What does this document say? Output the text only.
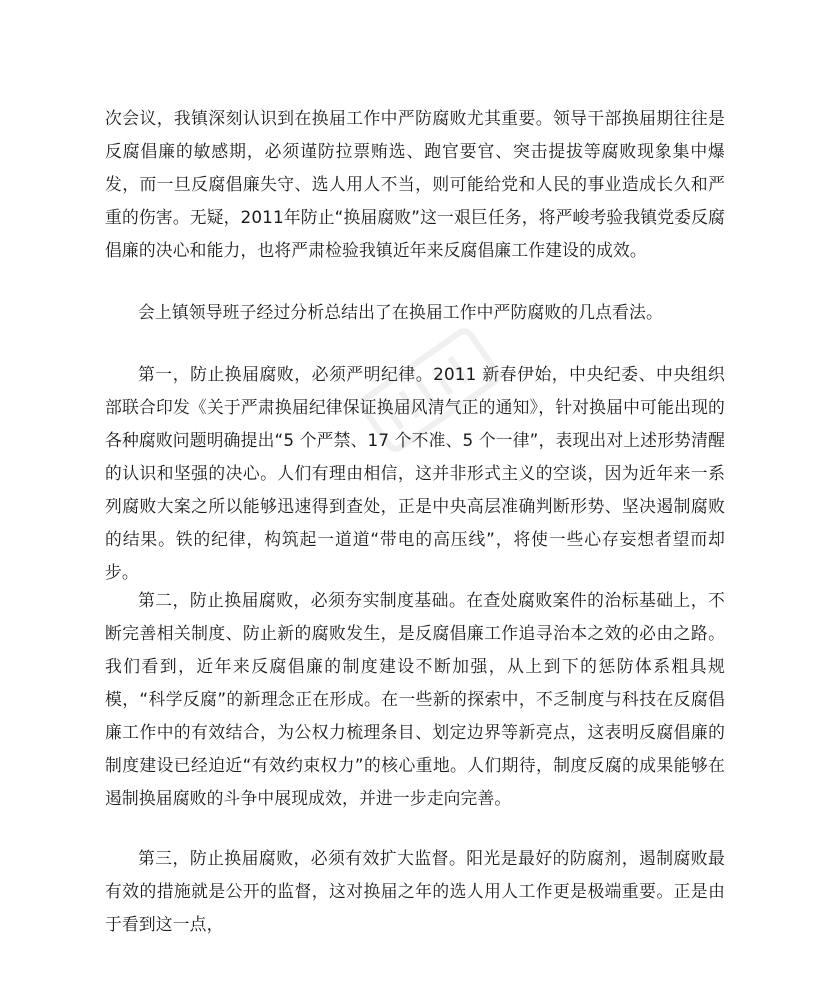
次会议，我镇深刻认识到在换届工作中严防腐败尤其重要。领导干部换届期往往是反腐倡廉的敏感期，必须谨防拉票贿选、跑官要官、突击提拔等腐败现象集中爆发，而一旦反腐倡廉失守、选人用人不当，则可能给党和人民的事业造成长久和严重的伤害。无疑，2011年防止“换届腐败”这一艰巨任务，将严峻考验我镇党委反腐倡廉的决心和能力，也将严肃检验我镇近年来反腐倡廉工作建设的成效。

会上镇领导班子经过分析总结出了在换届工作中严防腐败的几点看法。

第一，防止换届腐败，必须严明纪律。2011 新春伊始，中央纪委、中央组织部联合印发《关于严肃换届纪律保证换届风清气正的通知》，针对换届中可能出现的各种腐败问题明确提出“5 个严禁、17 个不准、5 个一律”，表现出对上述形势清醒的认识和坚强的决心。人们有理由相信，这并非形式主义的空谈，因为近年来一系列腐败大案之所以能够迅速得到查处，正是中央高层准确判断形势、坚决遏制腐败的结果。铁的纪律，构筑起一道道“带电的高压线”，将使一些心存妄想者望而却步。

第二，防止换届腐败，必须夯实制度基础。在查处腐败案件的治标基础上，不断完善相关制度、防止新的腐败发生，是反腐倡廉工作追寻治本之效的必由之路。我们看到，近年来反腐倡廉的制度建设不断加强，从上到下的惩防体系粗具规模，“科学反腐”的新理念正在形成。在一些新的探索中，不乏制度与科技在反腐倡廉工作中的有效结合，为公权力梳理条目、划定边界等新亮点，这表明反腐倡廉的制度建设已经迫近“有效约束权力”的核心重地。人们期待，制度反腐的成果能够在遏制换届腐败的斗争中展现成效，并进一步走向完善。

第三，防止换届腐败，必须有效扩大监督。阳光是最好的防腐剂，遏制腐败最有效的措施就是公开的监督，这对换届之年的选人用人工作更是极端重要。正是由于看到这一点，
